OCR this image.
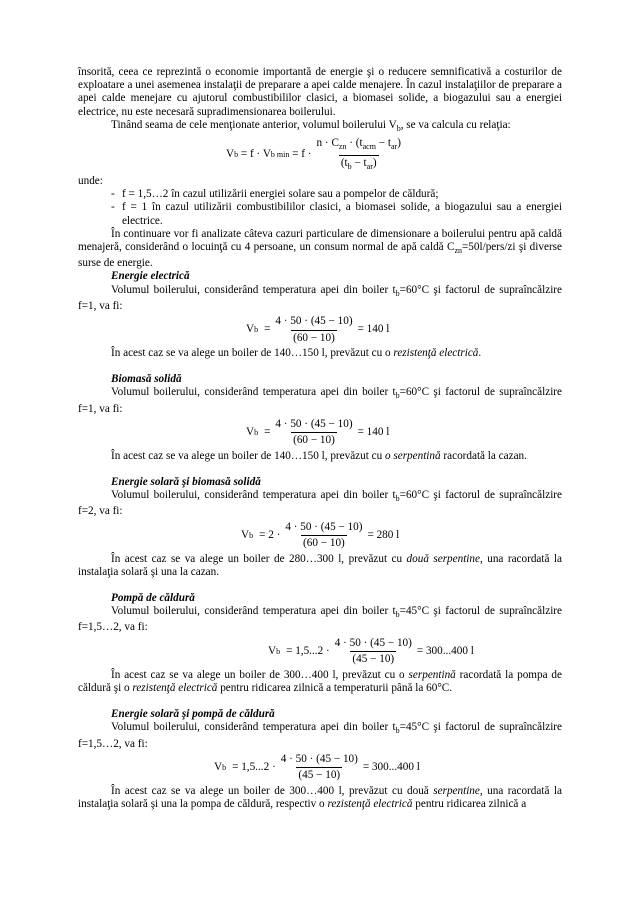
însorită, ceea ce reprezintă o economie importantă de energie şi o reducere semnificativă a costurilor de exploatare a unei asemenea instalaţii de preparare a apei calde menajere. În cazul instalaţiilor de preparare a apei calde menejare cu ajutorul combustibililor clasici, a biomasei solide, a biogazului sau a energiei electrice, nu este necesară supradimensionarea boilerului.

Tinând seama de cele menţionate anterior, volumul boilerului $V_b$, se va calcula cu relaţia:

V b = f · V b $\min = f \cdot \frac{n \cdot C_{zn} \cdot (t_{acm} - t_{ar})}{(t_b - t_{ar})}$

unde:

- f = 1,5…2 în cazul utilizării energiei solare sau a pompelor de căldură;

- f = 1 în cazul utilizării combustibililor clasici, a biomasei solide, a biogazului sau a energiei electrice.

În continuare vor fi analizate câteva cazuri particulare de dimensionare a boilerului pentru apă caldă menajeră, considerând o locuinţă cu 4 persoane, un consum normal de apă caldă $C_{zn}=50l/pers/zi$ şi diverse surse de energie.

Energie electrică

Volumul boilerului, considerând temperatura apei din boiler $t_b=60^\circ C$ şi factorul de supraîncălzire f=1, va fi:

V $b = \frac{4 \cdot 50 \cdot (45 - 10)}{(60 - 10)} = 140$ l

În acest caz se va alege un boiler de 140…150 l, prevăzut cu o rezistenţă electrică.

Biomasă solidă

Volumul boilerului, considerând temperatura apei din boiler $t_b=60^\circ C$ şi factorul de supraîncălzire f=1, va fi:

V $b = \frac{4 \cdot 50 \cdot (45 - 10)}{(60 - 10)} = 140$ l

În acest caz se va alege un boiler de 140…150 l, prevăzut cu o serpentină racordată la cazan.

Energie solară şi biomasă solidă

Volumul boilerului, considerând temperatura apei din boiler $t_b=60^\circ C$ şi factorul de supraîncălzire f=2, va fi:

V $b = 2 \cdot \frac{4 \cdot 50 \cdot (45 - 10)}{(60 - 10)} = 280$ l

În acest caz se va alege un boiler de 280…300 l, prevăzut cu două serpentine, una racordată la instalaţia solară şi una la cazan.

Pompă de căldură

Volumul boilerului, considerând temperatura apei din boiler $t_b=45^\circ C$ şi factorul de supraîncălzire f=1,5…2, va fi:

V $b = 1,5...2 \cdot \frac{4 \cdot 50 \cdot (45 - 10)}{(45 - 10)} = 300...400$ l

În acest caz se va alege un boiler de 300…400 l, prevăzut cu o serpentină racordată la pompa de căldură şi o rezistenţă electrică pentru ridicarea zilnică a temperaturii până la 60°C.

Energie solară şi pompă de căldură

Volumul boilerului, considerând temperatura apei din boiler $t_b=45^\circ C$ şi factorul de supraîncălzire f=1,5…2, va fi:

V $b = 1,5...2 \cdot \frac{4 \cdot 50 \cdot (45 - 10)}{(45 - 10)} = 300...400$ l

În acest caz se va alege un boiler de 300…400 l, prevăzut cu două serpentine, una racordată la instalaţia solară şi una la pompa de căldură, respectiv o rezistenţă electrică pentru ridicarea zilnică a
